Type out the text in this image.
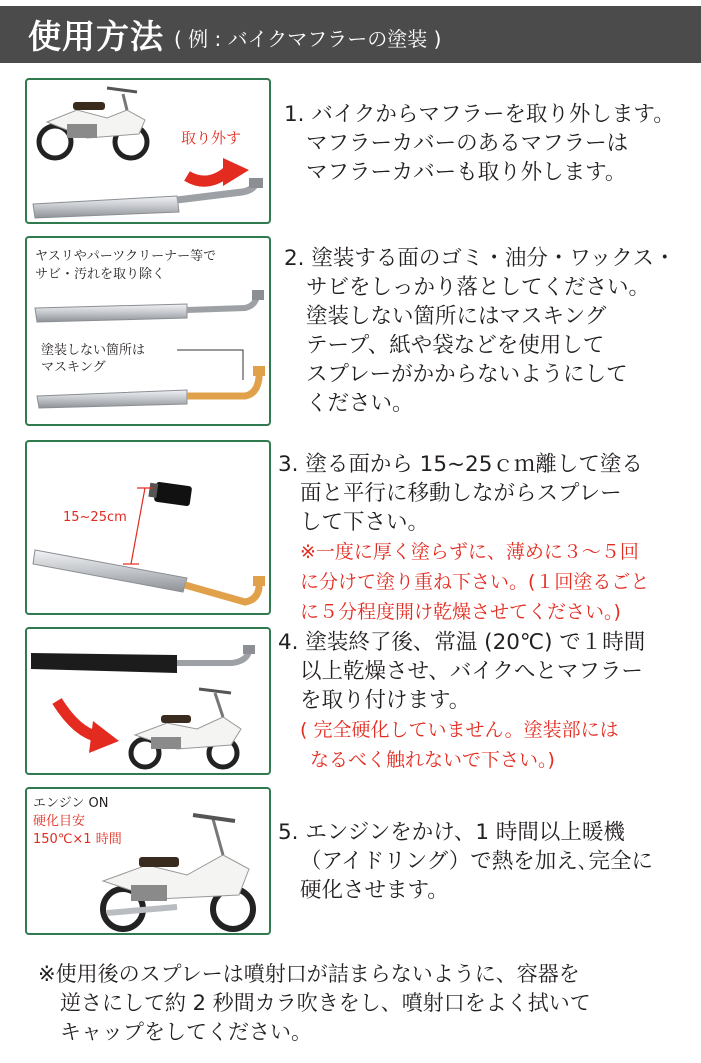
使用方法 ( 例 : バイクマフラーの塗装 )
取り外す
ヤスリやパーツクリーナー等で
サビ・汚れを取り除く
塗装しない箇所は
マスキング
15~25cm
エンジン ON
硬化目安
150℃×1 時間
1. バイクからマフラーを取り外します。
マフラーカバーのあるマフラーは
マフラーカバーも取り外します。
2. 塗装する面のゴミ・油分・ワックス・
サビをしっかり落としてください。
塗装しない箇所にはマスキング
テープ、紙や袋などを使用して
スプレーがかからないようにして
ください。
3. 塗る面から 15~25ｃｍ離して塗る
面と平行に移動しながらスプレー
して下さい。
※一度に厚く塗らずに、薄めに３～５回
に分けて塗り重ね下さい。(１回塗るごと
に５分程度開け乾燥させてください。)
4. 塗装終了後、常温 (20℃) で１時間
以上乾燥させ、バイクへとマフラー
を取り付けます。
( 完全硬化していません。塗装部には
なるべく触れないで下さい。)
5. エンジンをかけ、1 時間以上暖機
（アイドリング）で熱を加え､完全に
硬化させます。
※使用後のスプレーは噴射口が詰まらないように、容器を
逆さにして約 2 秒間カラ吹きをし、噴射口をよく拭いて
キャップをしてください。
